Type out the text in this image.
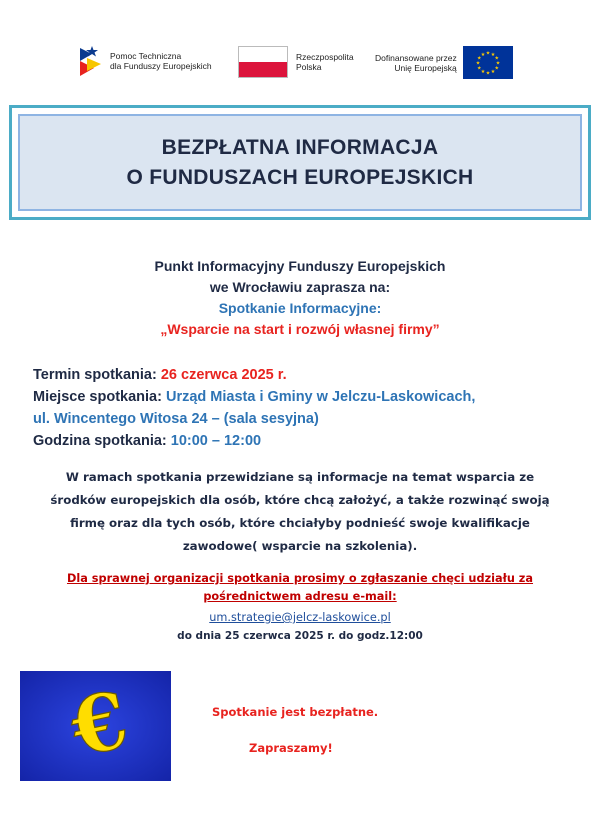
Pomoc Techniczna
dla Funduszy Europejskich
Rzeczpospolita
Polska
Dofinansowane przez
Unię Europejską
★ ★
★
★
★
★
★
★
★
★
★
★
BEZPŁATNA INFORMACJA
O FUNDUSZACH EUROPEJSKICH
Punkt Informacyjny Funduszy Europejskich
we Wrocławiu zaprasza na:
Spotkanie Informacyjne:
„Wsparcie na start i rozwój własnej firmy”
Termin spotkania: 26 czerwca 2025 r.
Miejsce spotkania: Urząd Miasta i Gminy w Jelczu-Laskowicach,
ul. Wincentego Witosa 24 – (sala sesyjna)
Godzina spotkania: 10:00 – 12:00
W ramach spotkania przewidziane są informacje na temat wsparcia ze
środków europejskich dla osób, które chcą założyć, a także rozwinąć swoją
firmę oraz dla tych osób, które chciałyby podnieść swoje kwalifikacje
zawodowe( wsparcie na szkolenia).
Dla sprawnej organizacji spotkania prosimy o zgłaszanie chęci udziału za
pośrednictwem adresu e-mail:
um.strategie@jelcz-laskowice.pl
do dnia 25 czerwca 2025 r. do godz.12:00
€	Spotkanie jest bezpłatne.
Zapraszamy!
